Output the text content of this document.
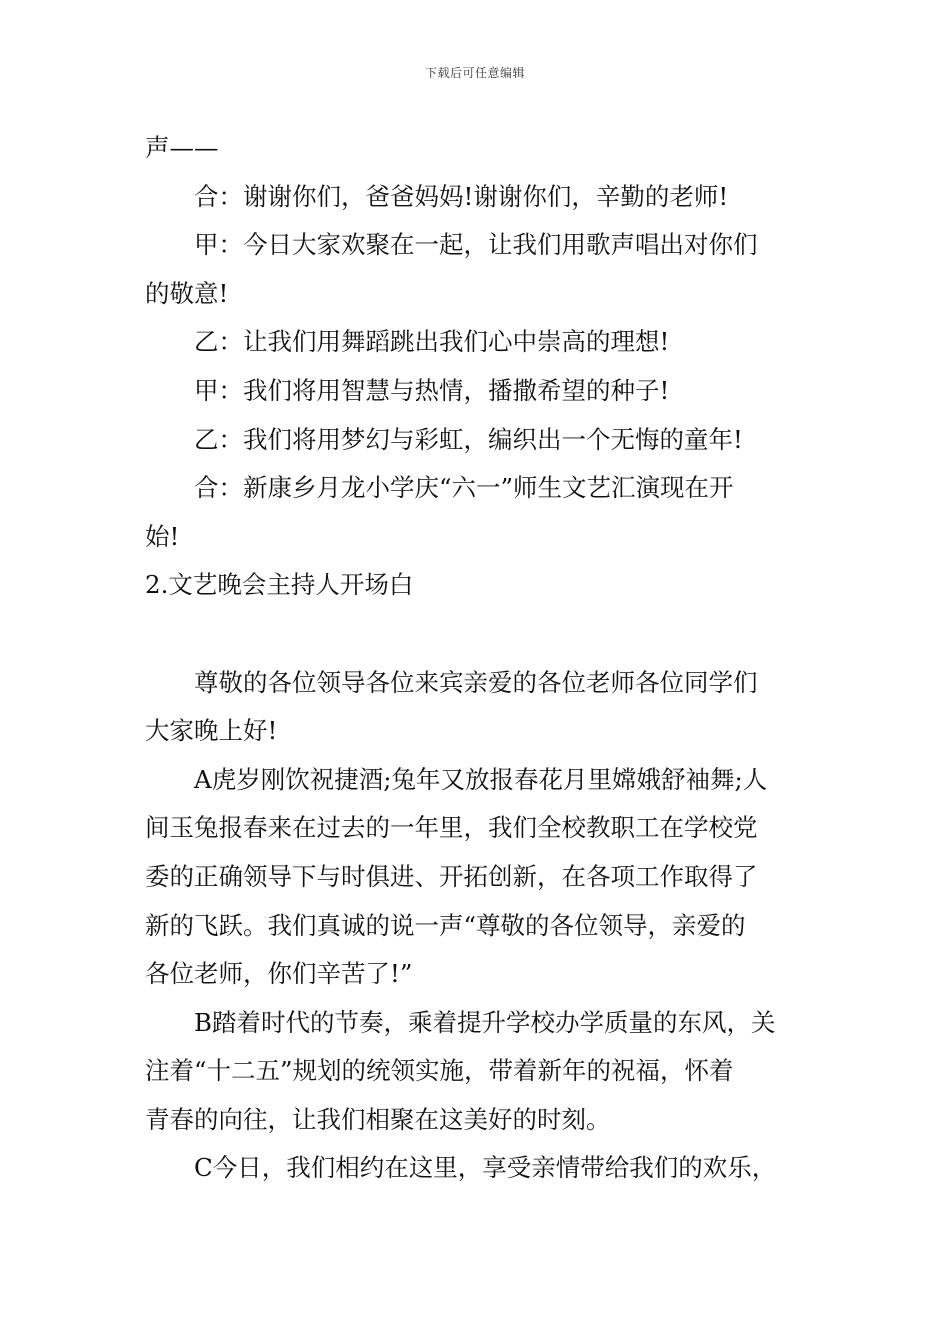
下载后可任意编辑

声——

合：谢谢你们，爸爸妈妈!谢谢你们，辛勤的老师!

甲：今日大家欢聚在一起，让我们用歌声唱出对你们

的敬意!

乙：让我们用舞蹈跳出我们心中崇高的理想!

甲：我们将用智慧与热情，播撒希望的种子!

乙：我们将用梦幻与彩虹，编织出一个无悔的童年!

合：新康乡月龙小学庆“六一”师生文艺汇演现在开

始!

2.文艺晚会主持人开场白

尊敬的各位领导各位来宾亲爱的各位老师各位同学们

大家晚上好!

A虎岁刚饮祝捷酒;兔年又放报春花月里嫦娥舒袖舞;人

间玉兔报春来在过去的一年里，我们全校教职工在学校党

委的正确领导下与时俱进、开拓创新，在各项工作取得了

新的飞跃。我们真诚的说一声“尊敬的各位领导，亲爱的

各位老师，你们辛苦了!”

B踏着时代的节奏，乘着提升学校办学质量的东风，关

注着“十二五”规划的统领实施，带着新年的祝福，怀着

青春的向往，让我们相聚在这美好的时刻。

C今日，我们相约在这里，享受亲情带给我们的欢乐，
